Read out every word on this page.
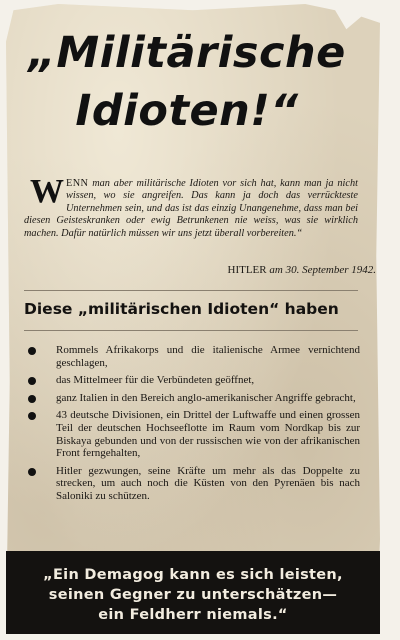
„Militärische
Idioten!“
WENN man aber militärische Idioten vor sich hat, kann man ja nicht wissen, wo sie angreifen. Das kann ja doch das verrückteste Unternehmen sein, und das ist das einzig Unangenehme, dass man bei diesen Geisteskranken oder ewig Betrunkenen nie weiss, was sie wirklich machen. Dafür natürlich müssen wir uns jetzt überall vorbereiten.“
HITLER am 30. September 1942.
Diese „militärischen Idioten“ haben
Rommels Afrikakorps und die italienische Armee vernichtend geschlagen,
das Mittelmeer für die Verbündeten geöffnet,
ganz Italien in den Bereich anglo-amerikanischer Angriffe gebracht,
43 deutsche Divisionen, ein Drittel der Luftwaffe und einen grossen Teil der deutschen Hochseeflotte im Raum vom Nordkap bis zur Biskaya gebunden und von der russischen wie von der afrikanischen Front ferngehalten,
Hitler gezwungen, seine Kräfte um mehr als das Doppelte zu strecken, um auch noch die Küsten von den Pyrenäen bis nach Saloniki zu schützen.
„Ein Demagog kann es sich leisten,
seinen Gegner zu unterschätzen—
ein Feldherr niemals.“
